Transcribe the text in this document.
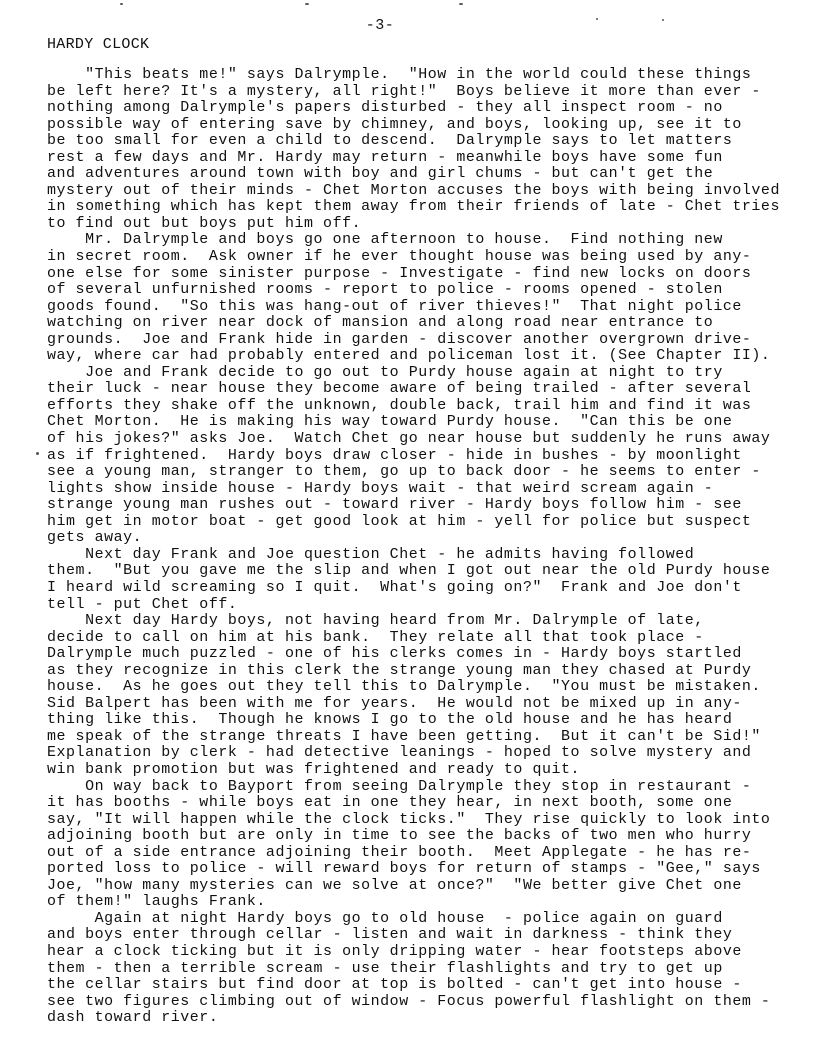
-3-
HARDY CLOCK
"This beats me!" says Dalrymple.  "How in the world could these things
be left here? It's a mystery, all right!"  Boys believe it more than ever -
nothing among Dalrymple's papers disturbed - they all inspect room - no
possible way of entering save by chimney, and boys, looking up, see it to
be too small for even a child to descend.  Dalrymple says to let matters
rest a few days and Mr. Hardy may return - meanwhile boys have some fun
and adventures around town with boy and girl chums - but can't get the
mystery out of their minds - Chet Morton accuses the boys with being involved
in something which has kept them away from their friends of late - Chet tries
to find out but boys put him off.
Mr. Dalrymple and boys go one afternoon to house.  Find nothing new
in secret room.  Ask owner if he ever thought house was being used by any-
one else for some sinister purpose - Investigate - find new locks on doors
of several unfurnished rooms - report to police - rooms opened - stolen
goods found.  "So this was hang-out of river thieves!"  That night police
watching on river near dock of mansion and along road near entrance to
grounds.  Joe and Frank hide in garden - discover another overgrown drive-
way, where car had probably entered and policeman lost it. (See Chapter II).
Joe and Frank decide to go out to Purdy house again at night to try
their luck - near house they become aware of being trailed - after several
efforts they shake off the unknown, double back, trail him and find it was
Chet Morton.  He is making his way toward Purdy house.  "Can this be one
of his jokes?" asks Joe.  Watch Chet go near house but suddenly he runs away
as if frightened.  Hardy boys draw closer - hide in bushes - by moonlight
see a young man, stranger to them, go up to back door - he seems to enter -
lights show inside house - Hardy boys wait - that weird scream again -
strange young man rushes out - toward river - Hardy boys follow him - see
him get in motor boat - get good look at him - yell for police but suspect
gets away.
Next day Frank and Joe question Chet - he admits having followed
them.  "But you gave me the slip and when I got out near the old Purdy house
I heard wild screaming so I quit.  What's going on?"  Frank and Joe don't
tell - put Chet off.
Next day Hardy boys, not having heard from Mr. Dalrymple of late,
decide to call on him at his bank.  They relate all that took place -
Dalrymple much puzzled - one of his clerks comes in - Hardy boys startled
as they recognize in this clerk the strange young man they chased at Purdy
house.  As he goes out they tell this to Dalrymple.  "You must be mistaken.
Sid Balpert has been with me for years.  He would not be mixed up in any-
thing like this.  Though he knows I go to the old house and he has heard
me speak of the strange threats I have been getting.  But it can't be Sid!"
Explanation by clerk - had detective leanings - hoped to solve mystery and
win bank promotion but was frightened and ready to quit.
On way back to Bayport from seeing Dalrymple they stop in restaurant -
it has booths - while boys eat in one they hear, in next booth, some one
say, "It will happen while the clock ticks."  They rise quickly to look into
adjoining booth but are only in time to see the backs of two men who hurry
out of a side entrance adjoining their booth.  Meet Applegate - he has re-
ported loss to police - will reward boys for return of stamps - "Gee," says
Joe, "how many mysteries can we solve at once?"  "We better give Chet one
of them!" laughs Frank.
Again at night Hardy boys go to old house  - police again on guard
and boys enter through cellar - listen and wait in darkness - think they
hear a clock ticking but it is only dripping water - hear footsteps above
them - then a terrible scream - use their flashlights and try to get up
the cellar stairs but find door at top is bolted - can't get into house -
see two figures climbing out of window - Focus powerful flashlight on them -
dash toward river.
